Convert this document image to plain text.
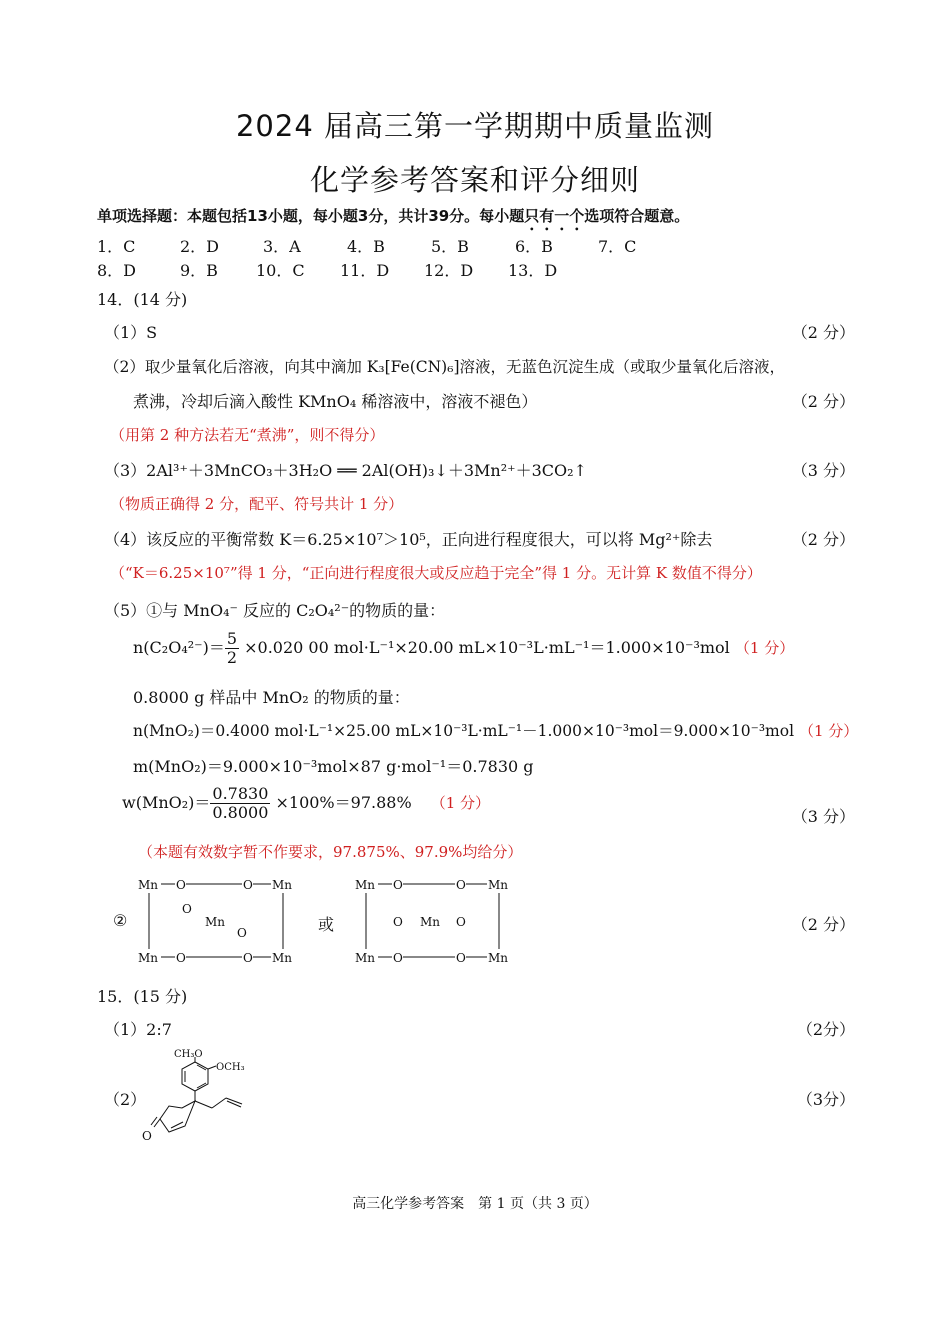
2024 届高三第一学期期中质量监测
化学参考答案和评分细则
单项选择题：本题包括13小题，每小题3分，共计39分。每小题只有一个选项符合题意。
1．C	2．D	3．A	4．B	5．B	6．B	7．C
8．D	9．B 10．C 11．D 12．D 13．D
14．(14 分)
（1）S	（2 分）
（2）取少量氧化后溶液，向其中滴加 K₃[Fe(CN)₆]溶液，无蓝色沉淀生成（或取少量氧化后溶液，
煮沸，冷却后滴入酸性 KMnO₄ 稀溶液中，溶液不褪色）	（2 分）
（用第 2 种方法若无“煮沸”，则不得分）
（3）2Al³⁺＋3MnCO₃＋3H₂O ══ 2Al(OH)₃↓＋3Mn²⁺＋3CO₂↑	（3 分）
（物质正确得 2 分，配平、符号共计 1 分）
（4）该反应的平衡常数 K＝6.25×10⁷＞10⁵，正向进行程度很大，可以将 Mg²⁺除去	（2 分）
（“K＝6.25×10⁷”得 1 分，“正向进行程度很大或反应趋于完全”得 1 分。无计算 K 数值不得分）
（5）①与 MnO₄⁻ 反应的 C₂O₄²⁻的物质的量：
$n(C_2O_4^{2-})= \frac{5}{2} \times 0.020$ 00 mol·L⁻¹×20.00 mL×10⁻³L·mL⁻¹＝1.000×10⁻³mol （1 分）
0.8000 g 样品中 MnO₂ 的物质的量：
n(MnO₂)＝0.4000 mol·L⁻¹×25.00 mL×10⁻³L·mL⁻¹－1.000×10⁻³mol＝9.000×10⁻³mol （1 分）
m(MnO₂)＝9.000×10⁻³mol×87 g·mol⁻¹＝0.7830 g
$w(MnO_2)= \frac{0.7830}{0.8000} \times 100\%=97.88\%$ （1 分）
（3 分）
（本题有效数字暂不作要求，97.875%、97.9%均给分）
②
Mn O	O Mn
O
Mn
O
Mn O	O Mn
Mn O	O Mn
O Mn O
Mn O	O Mn
或	（2 分）
15．(15 分)
（1）2:7	（2分）
（2）	（3分）
CH₃O
OCH₃
O
高三化学参考答案　第 1 页（共 3 页）
